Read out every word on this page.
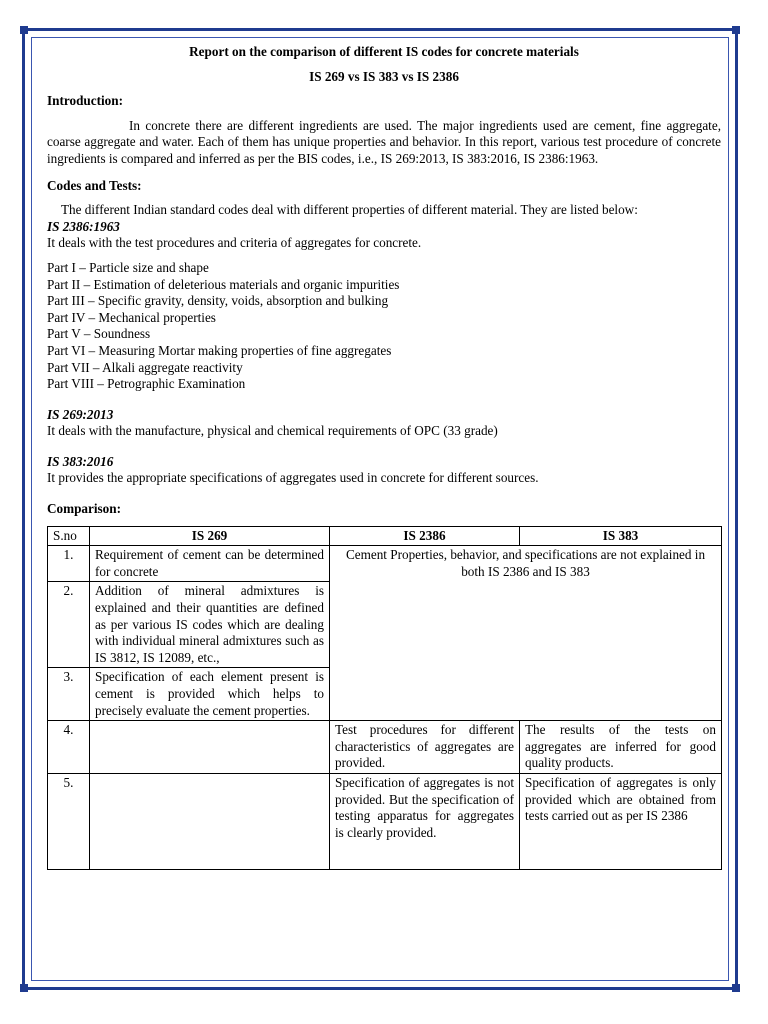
Report on the comparison of different IS codes for concrete materials

IS 269 vs IS 383 vs IS 2386

Introduction:

In concrete there are different ingredients are used. The major ingredients used are cement, fine aggregate, coarse aggregate and water. Each of them has unique properties and behavior. In this report, various test procedure of concrete ingredients is compared and inferred as per the BIS codes, i.e., IS 269:2013, IS 383:2016, IS 2386:1963.

Codes and Tests:

The different Indian standard codes deal with different properties of different material. They are listed below:

IS 2386:1963

It deals with the test procedures and criteria of aggregates for concrete.

Part I – Particle size and shape
Part II – Estimation of deleterious materials and organic impurities
Part III – Specific gravity, density, voids, absorption and bulking
Part IV – Mechanical properties
Part V – Soundness
Part VI – Measuring Mortar making properties of fine aggregates
Part VII – Alkali aggregate reactivity
Part VIII – Petrographic Examination

IS 269:2013

It deals with the manufacture, physical and chemical requirements of OPC (33 grade)

IS 383:2016

It provides the appropriate specifications of aggregates used in concrete for different sources.

Comparison:
S.no	IS 269	IS 2386	IS 383
1.	Requirement of cement can be determined for concrete	Cement Properties, behavior, and specifications are not explained in both IS 2386 and IS 383	
2.	Addition of mineral admixtures is explained and their quantities are defined as per various IS codes which are dealing with individual mineral admixtures such as IS 3812, IS 12089, etc.,		
3.	Specification of each element present is cement is provided which helps to precisely evaluate the cement properties.		
4.		Test procedures for different characteristics of aggregates are provided.	The results of the tests on aggregates are inferred for good quality products.
5.		Specification of aggregates is not provided. But the specification of testing apparatus for aggregates is clearly provided.	Specification of aggregates is only provided which are obtained from tests carried out as per IS 2386
